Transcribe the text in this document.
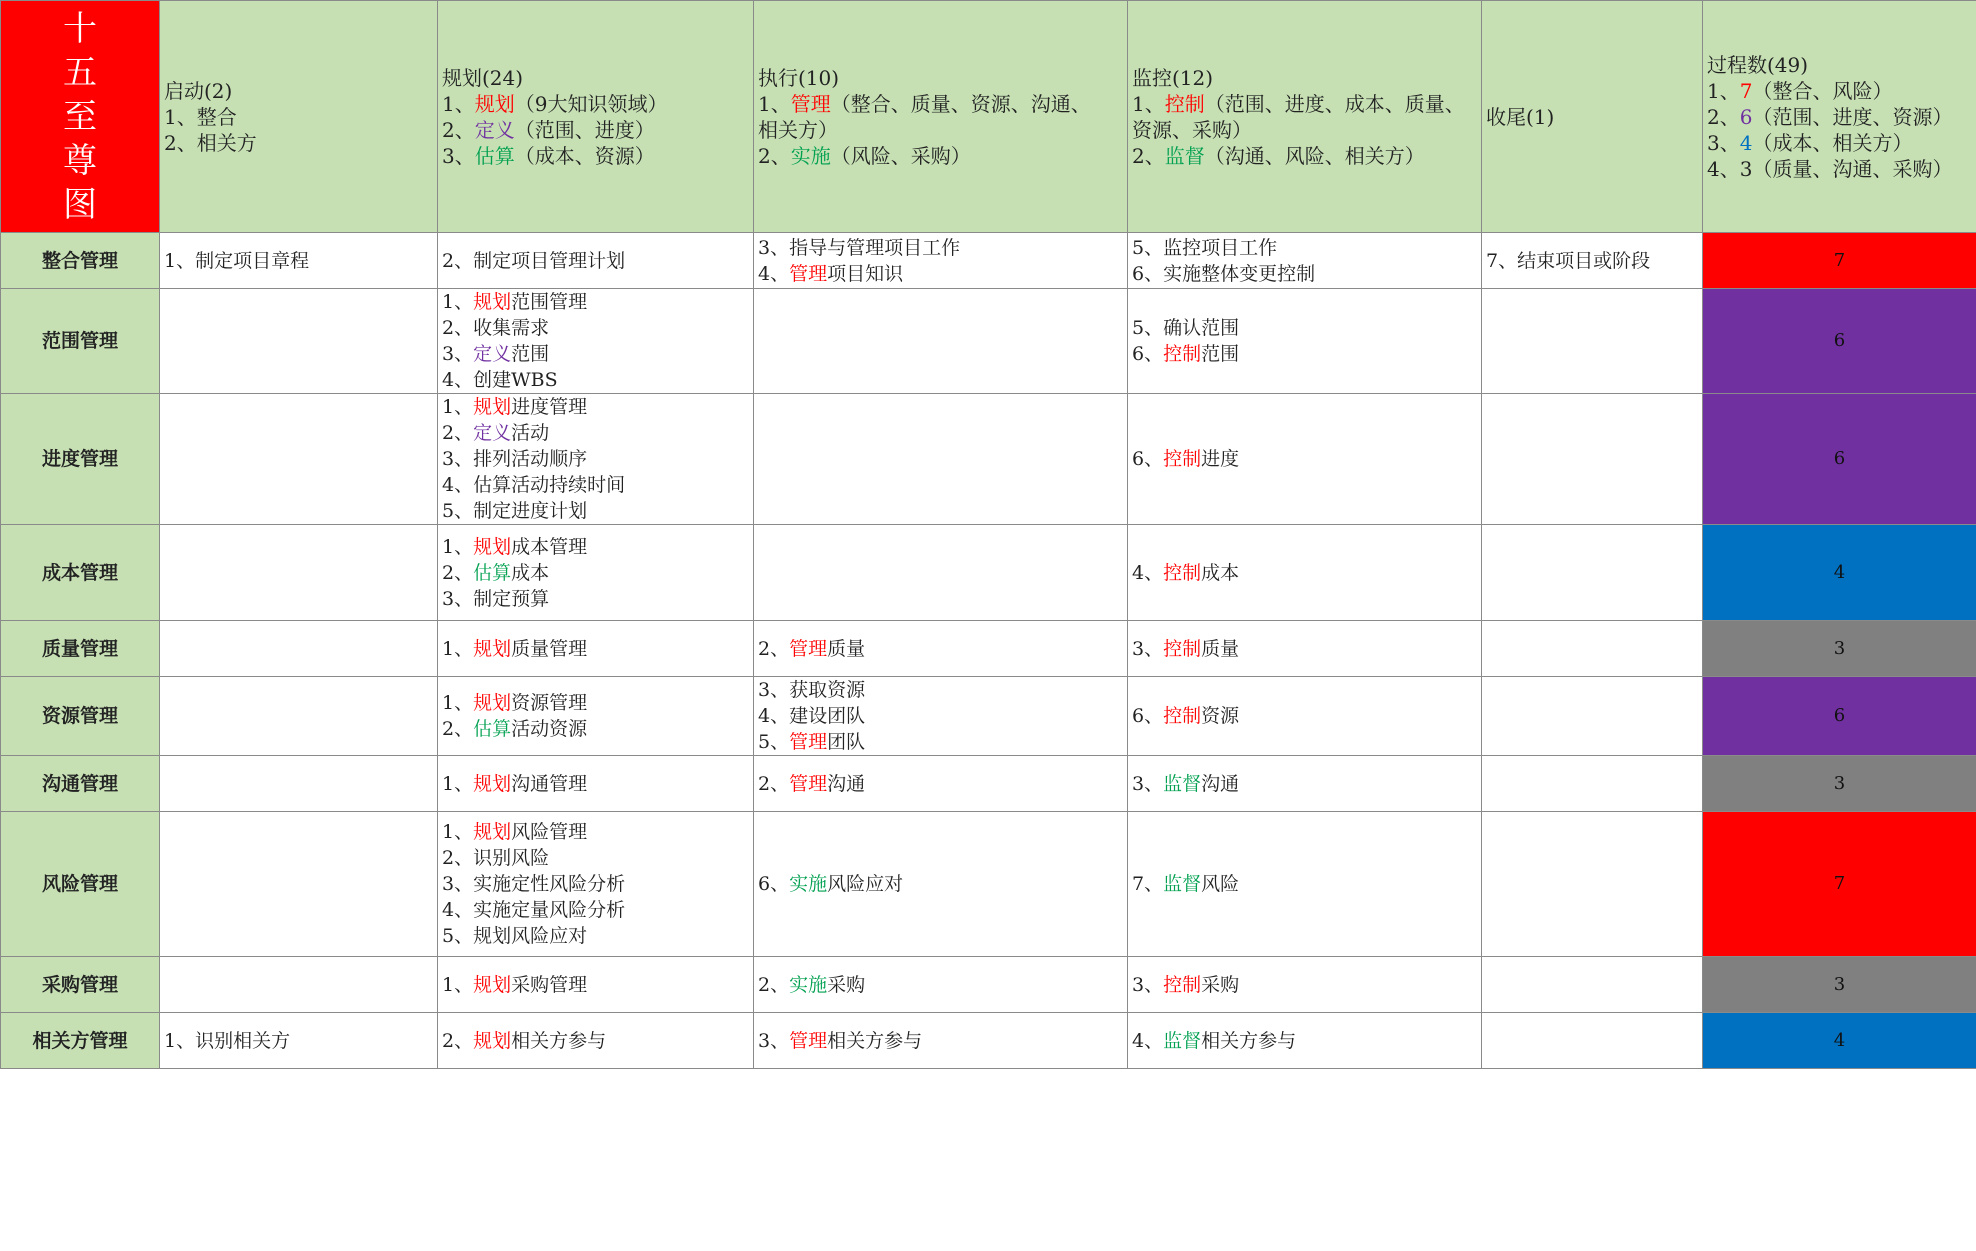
十
五
至
尊
图	启动(2)
1、整合
2、相关方	规划(24)
1、规划（9大知识领域）
2、定义（范围、进度）
3、估算（成本、资源）	执行(10)
1、管理（整合、质量、资源、沟通、
相关方）
2、实施（风险、采购）	监控(12)
1、控制（范围、进度、成本、质量、
资源、采购）
2、监督（沟通、风险、相关方）	收尾(1)	过程数(49)
1、7（整合、风险）
2、6（范围、进度、资源）
3、4（成本、相关方）
4、3（质量、沟通、采购）

整合管理	1、制定项目章程	2、制定项目管理计划	3、指导与管理项目工作
4、管理项目知识	5、监控项目工作
6、实施整体变更控制	7、结束项目或阶段	7
范围管理		1、规划范围管理
2、收集需求
3、定义范围
4、创建WBS		5、确认范围
6、控制范围		6
进度管理		1、规划进度管理
2、定义活动
3、排列活动顺序
4、估算活动持续时间
5、制定进度计划		6、控制进度		6
成本管理		1、规划成本管理
2、估算成本
3、制定预算		4、控制成本		4
质量管理		1、规划质量管理	2、管理质量	3、控制质量		3
资源管理		1、规划资源管理
2、估算活动资源	3、获取资源
4、建设团队
5、管理团队	6、控制资源		6
沟通管理		1、规划沟通管理	2、管理沟通	3、监督沟通		3
风险管理		1、规划风险管理
2、识别风险
3、实施定性风险分析
4、实施定量风险分析
5、规划风险应对	6、实施风险应对	7、监督风险		7
采购管理		1、规划采购管理	2、实施采购	3、控制采购		3
相关方管理	1、识别相关方	2、规划相关方参与	3、管理相关方参与	4、监督相关方参与		4
